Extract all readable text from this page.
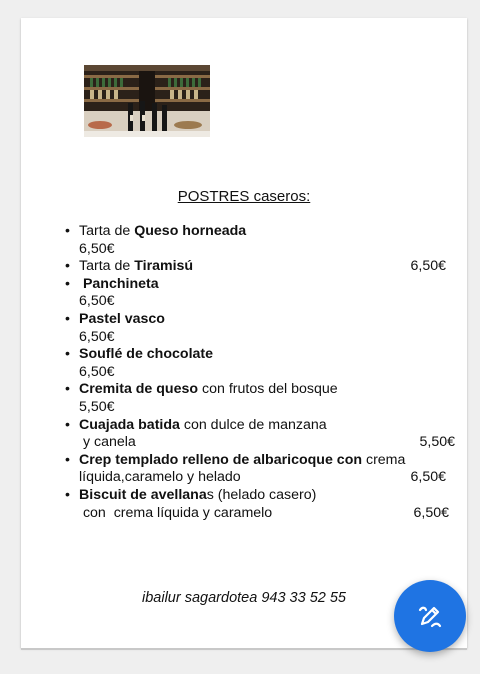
POSTRES caseros:
• Tarta de Queso horneada
6,50€
• Tarta de Tiramisú	6,50€
• Panchineta
6,50€
• Pastel vasco
6,50€
• Souflé de chocolate
6,50€
• Cremita de queso con frutos del bosque
5,50€
• Cuajada batida con dulce de manzana
y canela	5,50€
• Crep templado relleno de albaricoque con crema
líquida,caramelo y helado	6,50€
• Biscuit de avellanas (helado casero)
con  crema líquida y caramelo	6,50€
ibailur sagardotea 943 33 52 55
